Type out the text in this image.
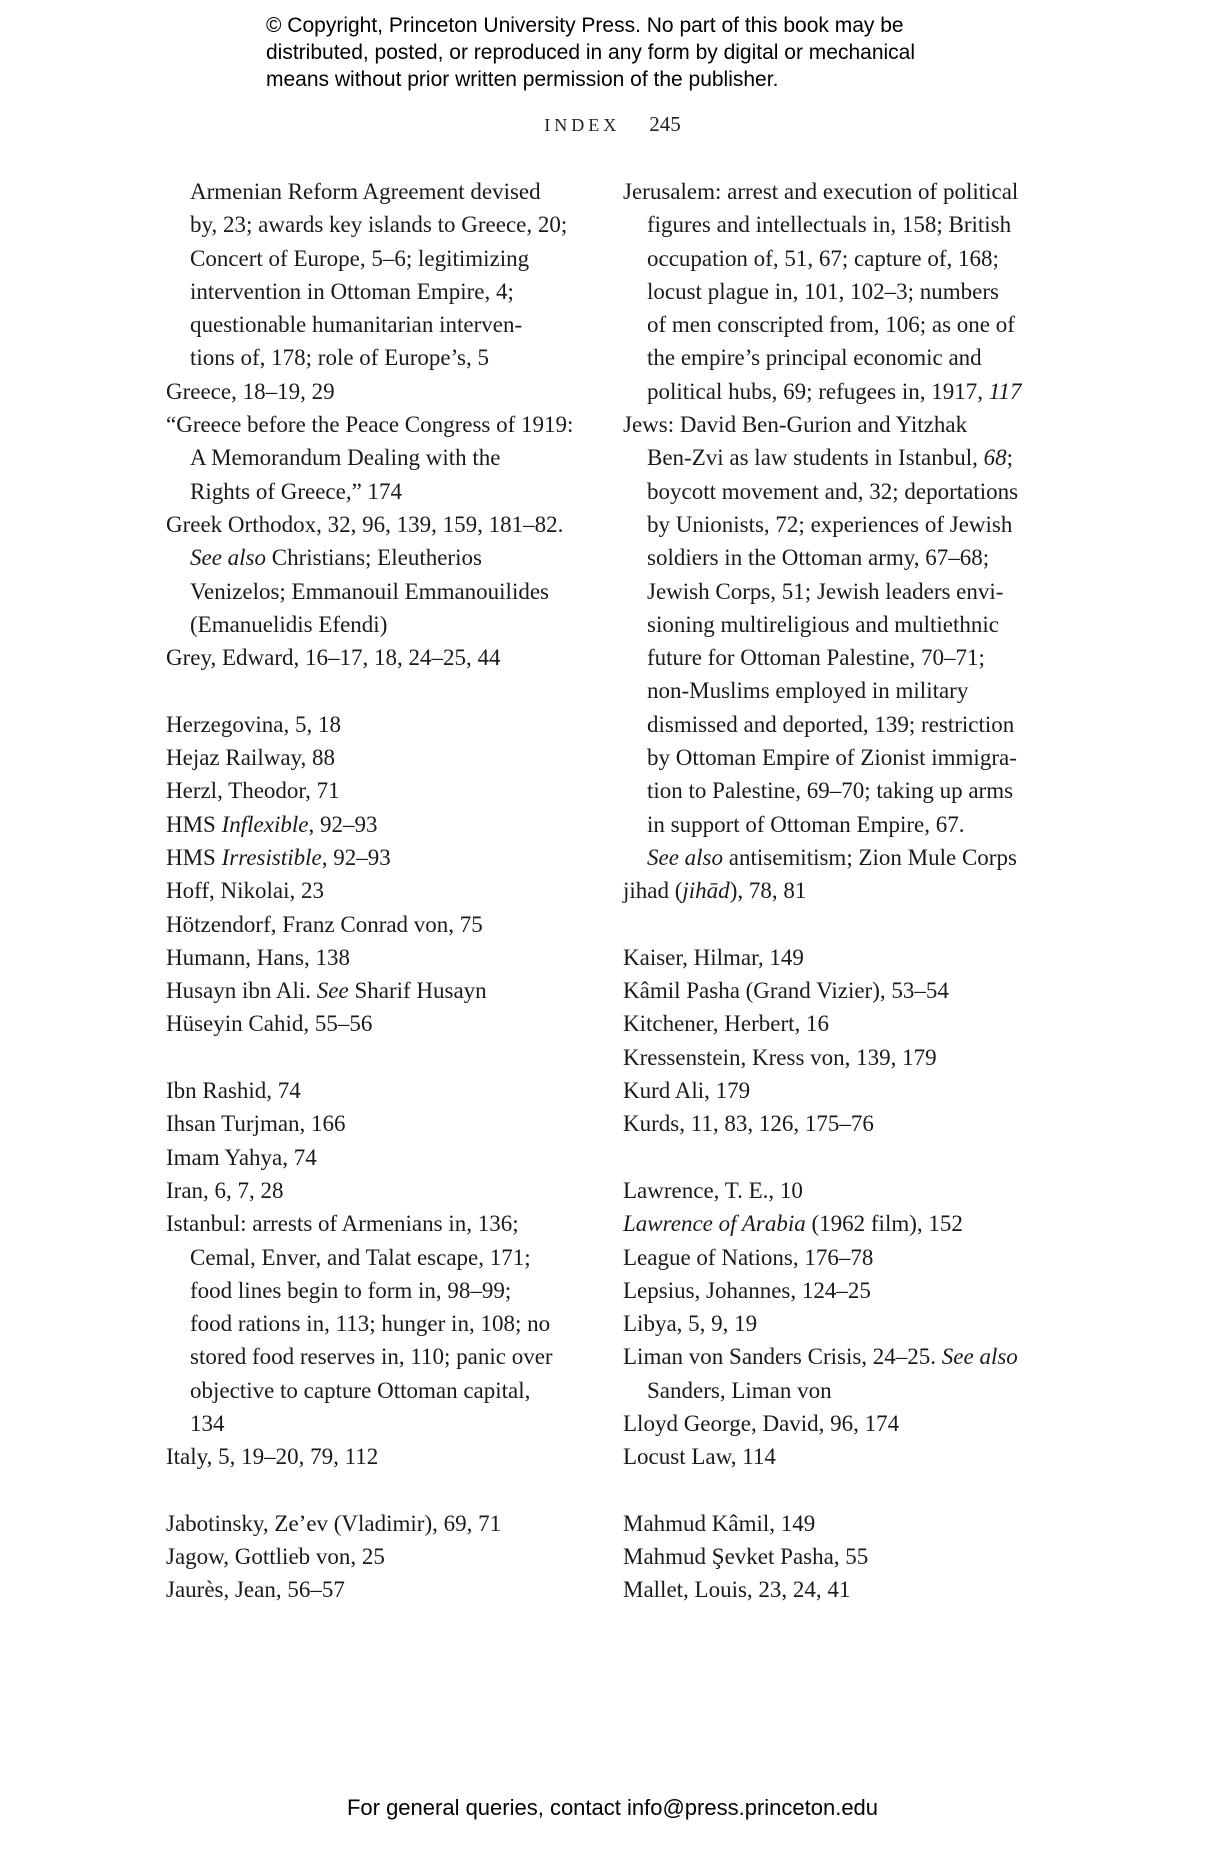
© Copyright, Princeton University Press. No part of this book may be
distributed, posted, or reproduced in any form by digital or mechanical
means without prior written permission of the publisher.
INDEX 245
Armenian Reform Agreement devised
by, 23; awards key islands to Greece, 20;
Concert of Europe, 5–6; legitimizing
intervention in Ottoman Empire, 4;
questionable humanitarian interven-
tions of, 178; role of Europe’s, 5
Greece, 18–19, 29
“Greece before the Peace Congress of 1919:
A Memorandum Dealing with the
Rights of Greece,” 174
Greek Orthodox, 32, 96, 139, 159, 181–82.
See also Christians; Eleutherios
Venizelos; Emmanouil Emmanouilides
(Emanuelidis Efendi)
Grey, Edward, 16–17, 18, 24–25, 44
Herzegovina, 5, 18
Hejaz Railway, 88
Herzl, Theodor, 71
HMS Inflexible, 92–93
HMS Irresistible, 92–93
Hoff, Nikolai, 23
Hötzendorf, Franz Conrad von, 75
Humann, Hans, 138
Husayn ibn Ali. See Sharif Husayn
Hüseyin Cahid, 55–56
Ibn Rashid, 74
Ihsan Turjman, 166
Imam Yahya, 74
Iran, 6, 7, 28
Istanbul: arrests of Armenians in, 136;
Cemal, Enver, and Talat escape, 171;
food lines begin to form in, 98–99;
food rations in, 113; hunger in, 108; no
stored food reserves in, 110; panic over
objective to capture Ottoman capital,
134
Italy, 5, 19–20, 79, 112
Jabotinsky, Ze’ev (Vladimir), 69, 71
Jagow, Gottlieb von, 25
Jaurès, Jean, 56–57
Jerusalem: arrest and execution of political
figures and intellectuals in, 158; British
occupation of, 51, 67; capture of, 168;
locust plague in, 101, 102–3; numbers
of men conscripted from, 106; as one of
the empire’s principal economic and
political hubs, 69; refugees in, 1917, 117
Jews: David Ben-Gurion and Yitzhak
Ben-Zvi as law students in Istanbul, 68;
boycott movement and, 32; deportations
by Unionists, 72; experiences of Jewish
soldiers in the Ottoman army, 67–68;
Jewish Corps, 51; Jewish leaders envi-
sioning multireligious and multiethnic
future for Ottoman Palestine, 70–71;
non-Muslims employed in military
dismissed and deported, 139; restriction
by Ottoman Empire of Zionist immigra-
tion to Palestine, 69–70; taking up arms
in support of Ottoman Empire, 67.
See also antisemitism; Zion Mule Corps
jihad (jihād), 78, 81
Kaiser, Hilmar, 149
Kâmil Pasha (Grand Vizier), 53–54
Kitchener, Herbert, 16
Kressenstein, Kress von, 139, 179
Kurd Ali, 179
Kurds, 11, 83, 126, 175–76
Lawrence, T. E., 10
Lawrence of Arabia (1962 film), 152
League of Nations, 176–78
Lepsius, Johannes, 124–25
Libya, 5, 9, 19
Liman von Sanders Crisis, 24–25. See also
Sanders, Liman von
Lloyd George, David, 96, 174
Locust Law, 114
Mahmud Kâmil, 149
Mahmud Şevket Pasha, 55
Mallet, Louis, 23, 24, 41
For general queries, contact info@press.princeton.edu
